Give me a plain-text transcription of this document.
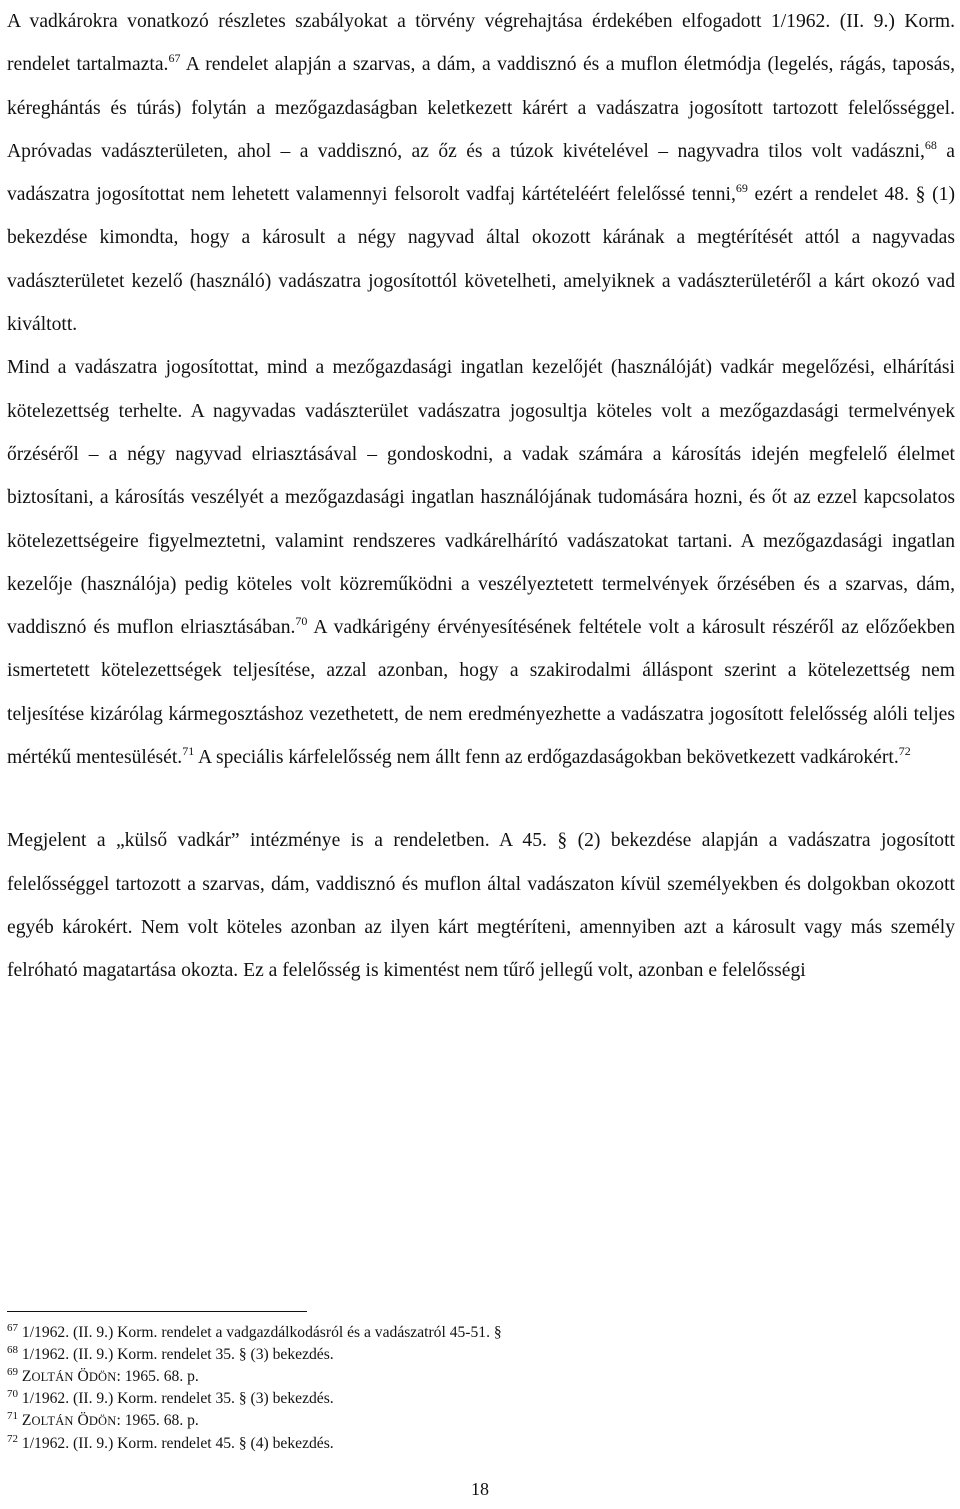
A vadkárokra vonatkozó részletes szabályokat a törvény végrehajtása érdekében elfogadott 1/1962. (II. 9.) Korm. rendelet tartalmazta.$^{67}$ A rendelet alapján a szarvas, a dám, a vaddisznó és a muflon életmódja (legelés, rágás, taposás, kéreghántás és túrás) folytán a mezőgazdaságban keletkezett kárért a vadászatra jogosított tartozott felelősséggel. Apróvadas vadászterületen, ahol – a vaddisznó, az őz és a túzok kivételével – nagyvadra tilos volt vadászni,$^{68}$ a vadászatra jogosítottat nem lehetett valamennyi felsorolt vadfaj kártételéért felelőssé tenni,$^{69}$ ezért a rendelet 48. § (1) bekezdése kimondta, hogy a károsult a négy nagyvad által okozott kárának a megtérítését attól a nagyvadas vadászterületet kezelő (használó) vadászatra jogosítottól követelheti, amelyiknek a vadászterületéről a kárt okozó vad kiváltott.

Mind a vadászatra jogosítottat, mind a mezőgazdasági ingatlan kezelőjét (használóját) vadkár megelőzési, elhárítási kötelezettség terhelte. A nagyvadas vadászterület vadászatra jogosultja köteles volt a mezőgazdasági termelvények őrzéséről – a négy nagyvad elriasztásával – gondoskodni, a vadak számára a károsítás idején megfelelő élelmet biztosítani, a károsítás veszélyét a mezőgazdasági ingatlan használójának tudomására hozni, és őt az ezzel kapcsolatos kötelezettségeire figyelmeztetni, valamint rendszeres vadkárelhárító vadászatokat tartani. A mezőgazdasági ingatlan kezelője (használója) pedig köteles volt közreműködni a veszélyeztetett termelvények őrzésében és a szarvas, dám, vaddisznó és muflon elriasztásában.$^{70}$ A vadkárigény érvényesítésének feltétele volt a károsult részéről az előzőekben ismertetett kötelezettségek teljesítése, azzal azonban, hogy a szakirodalmi álláspont szerint a kötelezettség nem teljesítése kizárólag kármegosztáshoz vezethetett, de nem eredményezhette a vadászatra jogosított felelősség alóli teljes mértékű mentesülését.$^{71}$ A speciális kárfelelősség nem állt fenn az erdőgazdaságokban bekövetkezett vadkárokért.$^{72}$

Megjelent a „külső vadkár” intézménye is a rendeletben. A 45. § (2) bekezdése alapján a vadászatra jogosított felelősséggel tartozott a szarvas, dám, vaddisznó és muflon által vadászaton kívül személyekben és dolgokban okozott egyéb károkért. Nem volt köteles azonban az ilyen kárt megtéríteni, amennyiben azt a károsult vagy más személy felróható magatartása okozta. Ez a felelősség is kimentést nem tűrő jellegű volt, azonban e felelősségi

$^{67}$ 1/1962. (II. 9.) Korm. rendelet a vadgazdálkodásról és a vadászatról 45-51. §
$^{68}$ 1/1962. (II. 9.) Korm. rendelet 35. § (3) bekezdés.
$^{69}$ ZOLTÁN ÖDÖN: 1965. 68. p.
$^{70}$ 1/1962. (II. 9.) Korm. rendelet 35. § (3) bekezdés.
$^{71}$ ZOLTÁN ÖDÖN: 1965. 68. p.
$^{72}$ 1/1962. (II. 9.) Korm. rendelet 45. § (4) bekezdés.
18
